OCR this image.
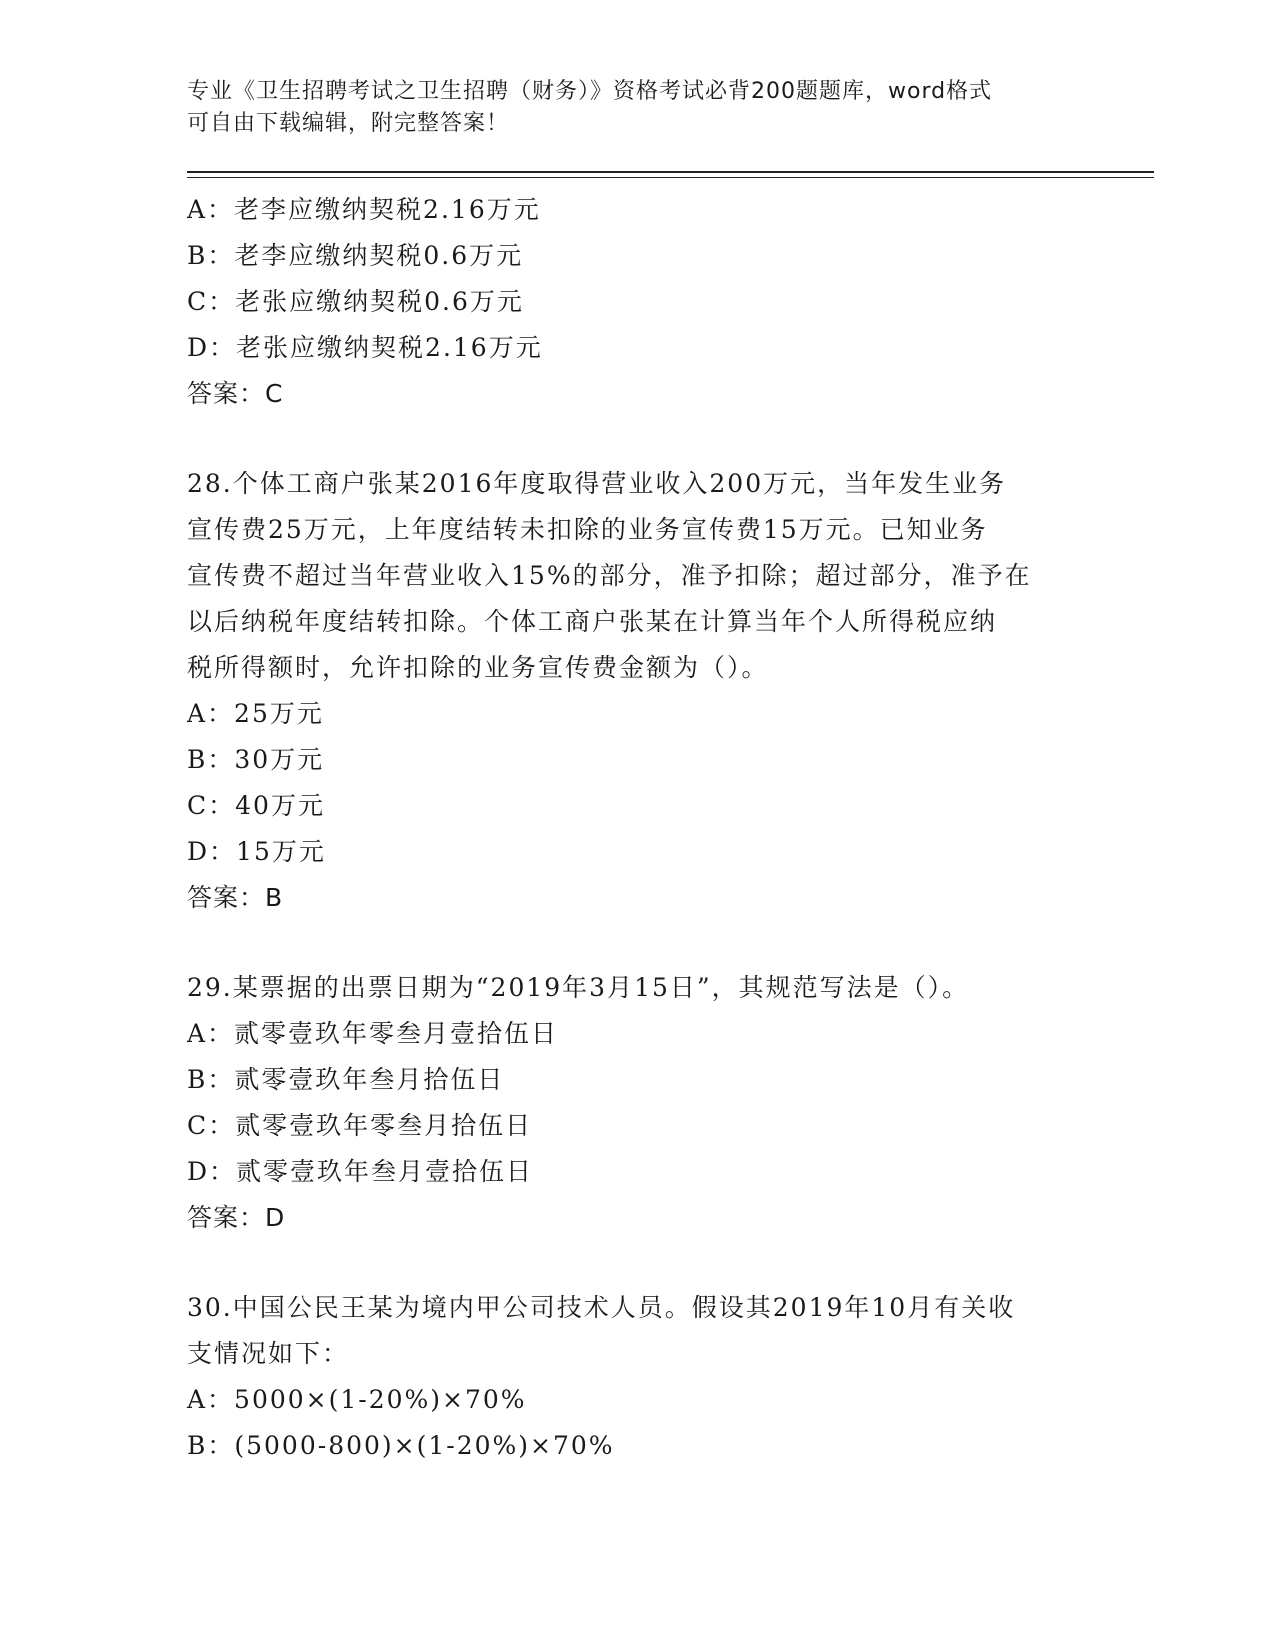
专业《卫生招聘考试之卫生招聘（财务）》资格考试必背200题题库，word格式
可自由下载编辑，附完整答案！
A：老李应缴纳契税2.16万元
B：老李应缴纳契税0.6万元
C：老张应缴纳契税0.6万元
D：老张应缴纳契税2.16万元
答案：C
28.个体工商户张某2016年度取得营业收入200万元，当年发生业务
宣传费25万元，上年度结转未扣除的业务宣传费15万元。已知业务
宣传费不超过当年营业收入15%的部分，准予扣除；超过部分，准予在
以后纳税年度结转扣除。个体工商户张某在计算当年个人所得税应纳
税所得额时，允许扣除的业务宣传费金额为（）。
A：25万元
B：30万元
C：40万元
D：15万元
答案：B
29.某票据的出票日期为“2019年3月15日”，其规范写法是（）。
A：贰零壹玖年零叁月壹拾伍日
B：贰零壹玖年叁月拾伍日
C：贰零壹玖年零叁月拾伍日
D：贰零壹玖年叁月壹拾伍日
答案：D
30.中国公民王某为境内甲公司技术人员。假设其2019年10月有关收
支情况如下：
A：5000×(1-20%)×70%
B：(5000-800)×(1-20%)×70%
